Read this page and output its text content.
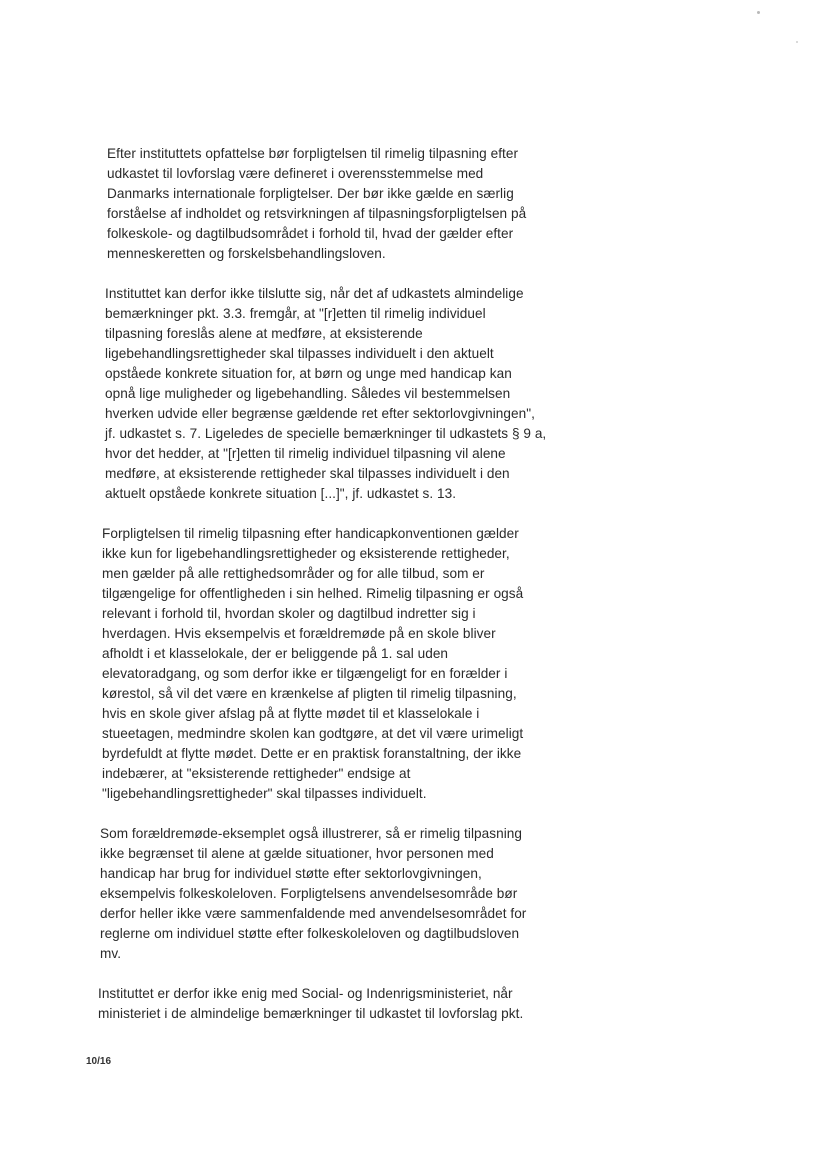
Efter instituttets opfattelse bør forpligtelsen til rimelig tilpasning efter
udkastet til lovforslag være defineret i overensstemmelse med
Danmarks internationale forpligtelser. Der bør ikke gælde en særlig
forståelse af indholdet og retsvirkningen af tilpasningsforpligtelsen på
folkeskole- og dagtilbudsområdet i forhold til, hvad der gælder efter
menneskeretten og forskelsbehandlingsloven.

Instituttet kan derfor ikke tilslutte sig, når det af udkastets almindelige
bemærkninger pkt. 3.3. fremgår, at "[r]etten til rimelig individuel
tilpasning foreslås alene at medføre, at eksisterende
ligebehandlingsrettigheder skal tilpasses individuelt i den aktuelt
opståede konkrete situation for, at børn og unge med handicap kan
opnå lige muligheder og ligebehandling. Således vil bestemmelsen
hverken udvide eller begrænse gældende ret efter sektorlovgivningen",
jf. udkastet s. 7. Ligeledes de specielle bemærkninger til udkastets § 9 a,
hvor det hedder, at "[r]etten til rimelig individuel tilpasning vil alene
medføre, at eksisterende rettigheder skal tilpasses individuelt i den
aktuelt opståede konkrete situation [...]", jf. udkastet s. 13.

Forpligtelsen til rimelig tilpasning efter handicapkonventionen gælder
ikke kun for ligebehandlingsrettigheder og eksisterende rettigheder,
men gælder på alle rettighedsområder og for alle tilbud, som er
tilgængelige for offentligheden i sin helhed. Rimelig tilpasning er også
relevant i forhold til, hvordan skoler og dagtilbud indretter sig i
hverdagen. Hvis eksempelvis et forældremøde på en skole bliver
afholdt i et klasselokale, der er beliggende på 1. sal uden
elevatoradgang, og som derfor ikke er tilgængeligt for en forælder i
kørestol, så vil det være en krænkelse af pligten til rimelig tilpasning,
hvis en skole giver afslag på at flytte mødet til et klasselokale i
stueetagen, medmindre skolen kan godtgøre, at det vil være urimeligt
byrdefuldt at flytte mødet. Dette er en praktisk foranstaltning, der ikke
indebærer, at "eksisterende rettigheder" endsige at
"ligebehandlingsrettigheder" skal tilpasses individuelt.

Som forældremøde-eksemplet også illustrerer, så er rimelig tilpasning
ikke begrænset til alene at gælde situationer, hvor personen med
handicap har brug for individuel støtte efter sektorlovgivningen,
eksempelvis folkeskoleloven. Forpligtelsens anvendelsesområde bør
derfor heller ikke være sammenfaldende med anvendelsesområdet for
reglerne om individuel støtte efter folkeskoleloven og dagtilbudsloven
mv.

Instituttet er derfor ikke enig med Social- og Indenrigsministeriet, når
ministeriet i de almindelige bemærkninger til udkastet til lovforslag pkt.

10/16
